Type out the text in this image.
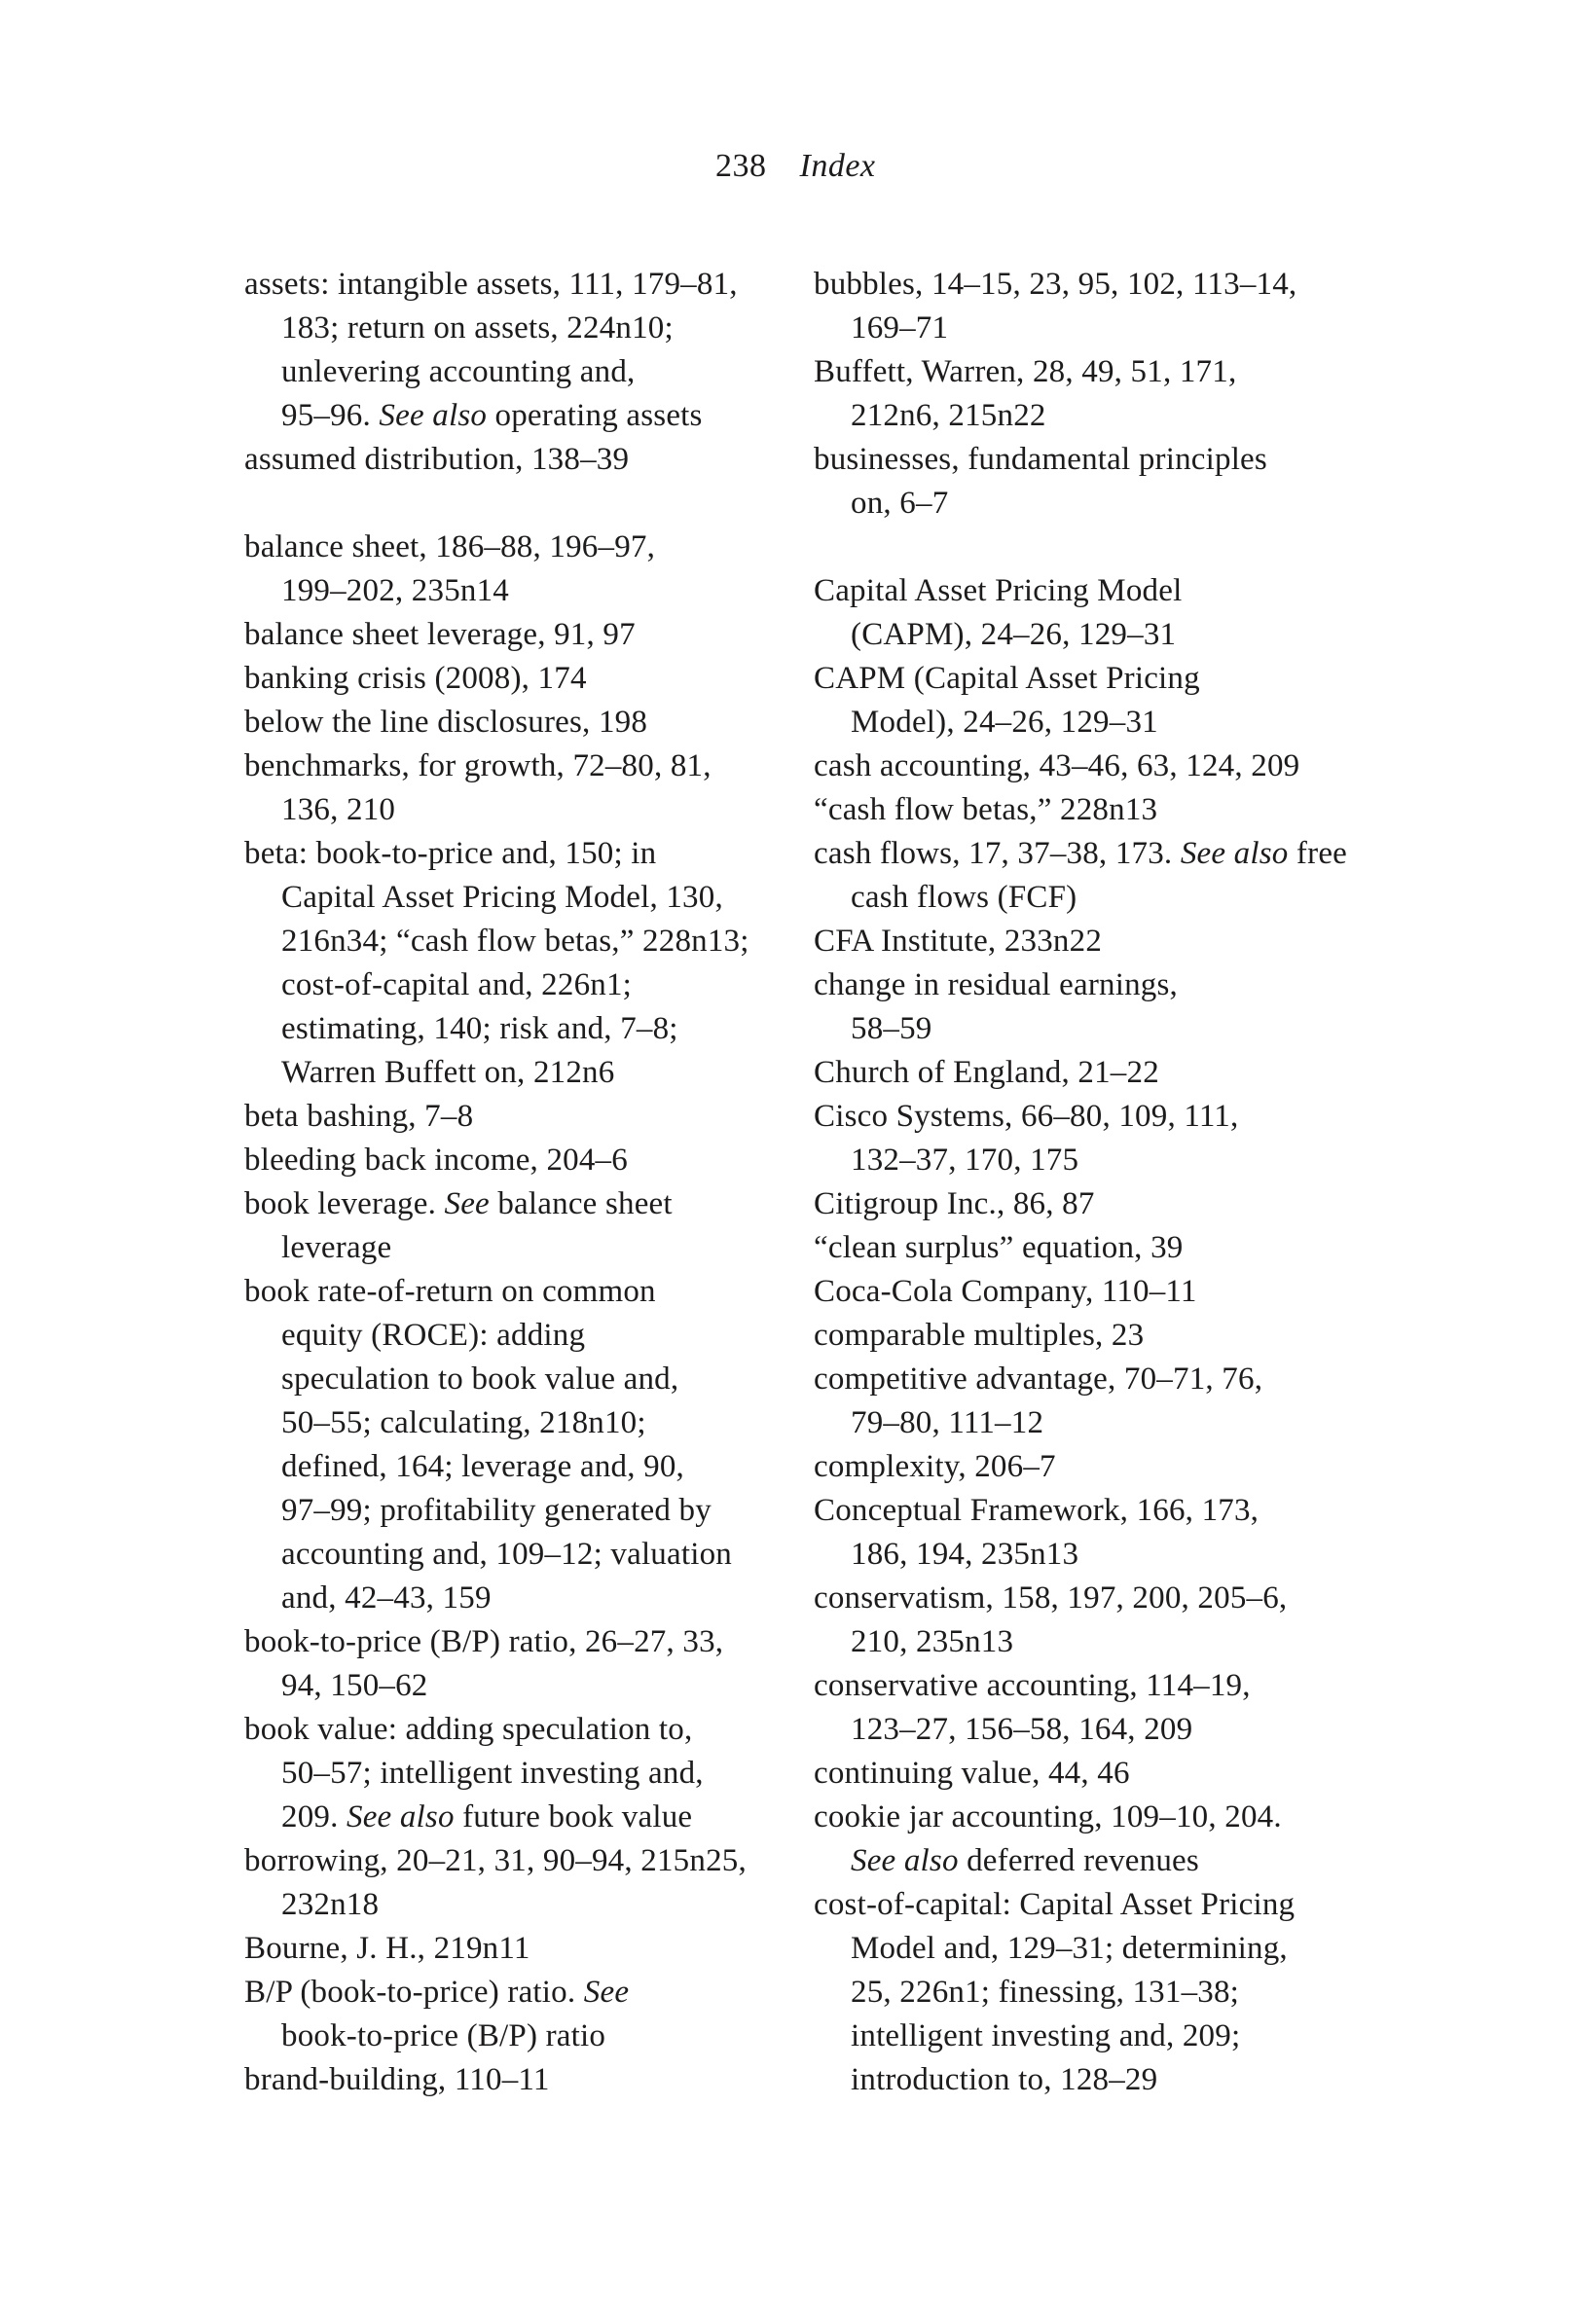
238 Index
assets: intangible assets, 111, 179–81,
183; return on assets, 224n10;
unlevering accounting and,
95–96. See also operating assets
assumed distribution, 138–39
balance sheet, 186–88, 196–97,
199–202, 235n14
balance sheet leverage, 91, 97
banking crisis (2008), 174
below the line disclosures, 198
benchmarks, for growth, 72–80, 81,
136, 210
beta: book-to-price and, 150; in
Capital Asset Pricing Model, 130,
216n34; “cash flow betas,” 228n13;
cost-of-capital and, 226n1;
estimating, 140; risk and, 7–8;
Warren Buffett on, 212n6
beta bashing, 7–8
bleeding back income, 204–6
book leverage. See balance sheet
leverage
book rate-of-return on common
equity (ROCE): adding
speculation to book value and,
50–55; calculating, 218n10;
defined, 164; leverage and, 90,
97–99; profitability generated by
accounting and, 109–12; valuation
and, 42–43, 159
book-to-price (B/P) ratio, 26–27, 33,
94, 150–62
book value: adding speculation to,
50–57; intelligent investing and,
209. See also future book value
borrowing, 20–21, 31, 90–94, 215n25,
232n18
Bourne, J. H., 219n11
B/P (book-to-price) ratio. See
book-to-price (B/P) ratio
brand-building, 110–11
bubbles, 14–15, 23, 95, 102, 113–14,
169–71
Buffett, Warren, 28, 49, 51, 171,
212n6, 215n22
businesses, fundamental principles
on, 6–7
Capital Asset Pricing Model
(CAPM), 24–26, 129–31
CAPM (Capital Asset Pricing
Model), 24–26, 129–31
cash accounting, 43–46, 63, 124, 209
“cash flow betas,” 228n13
cash flows, 17, 37–38, 173. See also free
cash flows (FCF)
CFA Institute, 233n22
change in residual earnings,
58–59
Church of England, 21–22
Cisco Systems, 66–80, 109, 111,
132–37, 170, 175
Citigroup Inc., 86, 87
“clean surplus” equation, 39
Coca-Cola Company, 110–11
comparable multiples, 23
competitive advantage, 70–71, 76,
79–80, 111–12
complexity, 206–7
Conceptual Framework, 166, 173,
186, 194, 235n13
conservatism, 158, 197, 200, 205–6,
210, 235n13
conservative accounting, 114–19,
123–27, 156–58, 164, 209
continuing value, 44, 46
cookie jar accounting, 109–10, 204.
See also deferred revenues
cost-of-capital: Capital Asset Pricing
Model and, 129–31; determining,
25, 226n1; finessing, 131–38;
intelligent investing and, 209;
introduction to, 128–29
